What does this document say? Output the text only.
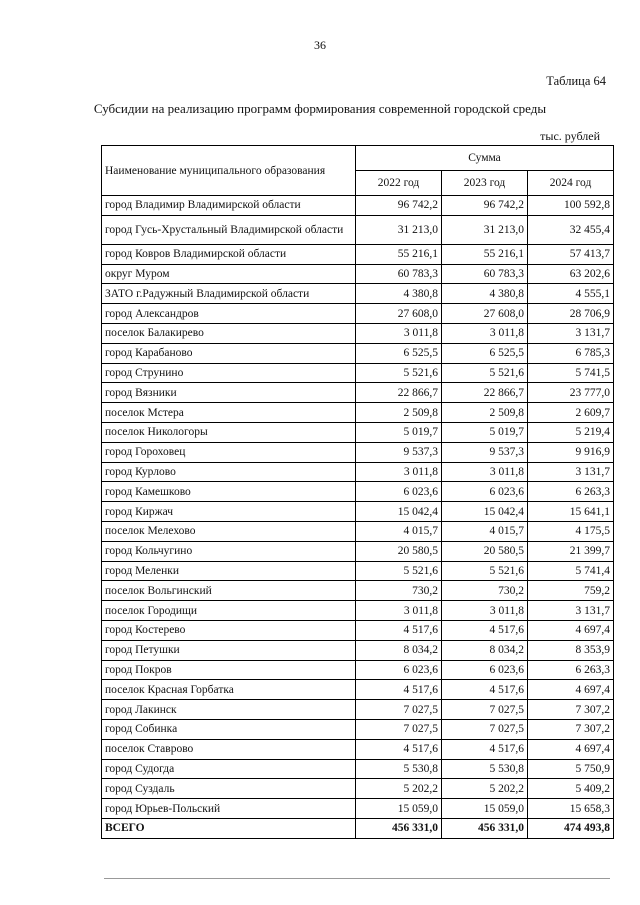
36
Таблица 64
Субсидии на реализацию программ формирования современной городской среды
тыс. рублей
Наименование муниципального образования	Сумма		
	2022 год	2023 год	2024 год
город Владимир Владимирской области	96 742,2	96 742,2	100 592,8
город Гусь-Хрустальный Владимирской области	31 213,0	31 213,0	32 455,4
город Ковров Владимирской области	55 216,1	55 216,1	57 413,7
округ Муром	60 783,3	60 783,3	63 202,6
ЗАТО г.Радужный Владимирской области	4 380,8	4 380,8	4 555,1
город Александров	27 608,0	27 608,0	28 706,9
поселок Балакирево	3 011,8	3 011,8	3 131,7
город Карабаново	6 525,5	6 525,5	6 785,3
город Струнино	5 521,6	5 521,6	5 741,5
город Вязники	22 866,7	22 866,7	23 777,0
поселок Мстера	2 509,8	2 509,8	2 609,7
поселок Никологоры	5 019,7	5 019,7	5 219,4
город Гороховец	9 537,3	9 537,3	9 916,9
город Курлово	3 011,8	3 011,8	3 131,7
город Камешково	6 023,6	6 023,6	6 263,3
город Киржач	15 042,4	15 042,4	15 641,1
поселок Мелехово	4 015,7	4 015,7	4 175,5
город Кольчугино	20 580,5	20 580,5	21 399,7
город Меленки	5 521,6	5 521,6	5 741,4
поселок Вольгинский	730,2	730,2	759,2
поселок Городищи	3 011,8	3 011,8	3 131,7
город Костерево	4 517,6	4 517,6	4 697,4
город Петушки	8 034,2	8 034,2	8 353,9
город Покров	6 023,6	6 023,6	6 263,3
поселок Красная Горбатка	4 517,6	4 517,6	4 697,4
город Лакинск	7 027,5	7 027,5	7 307,2
город Собинка	7 027,5	7 027,5	7 307,2
поселок Ставрово	4 517,6	4 517,6	4 697,4
город Судогда	5 530,8	5 530,8	5 750,9
город Суздаль	5 202,2	5 202,2	5 409,2
город Юрьев-Польский	15 059,0	15 059,0	15 658,3
ВСЕГО	456 331,0	456 331,0	474 493,8
